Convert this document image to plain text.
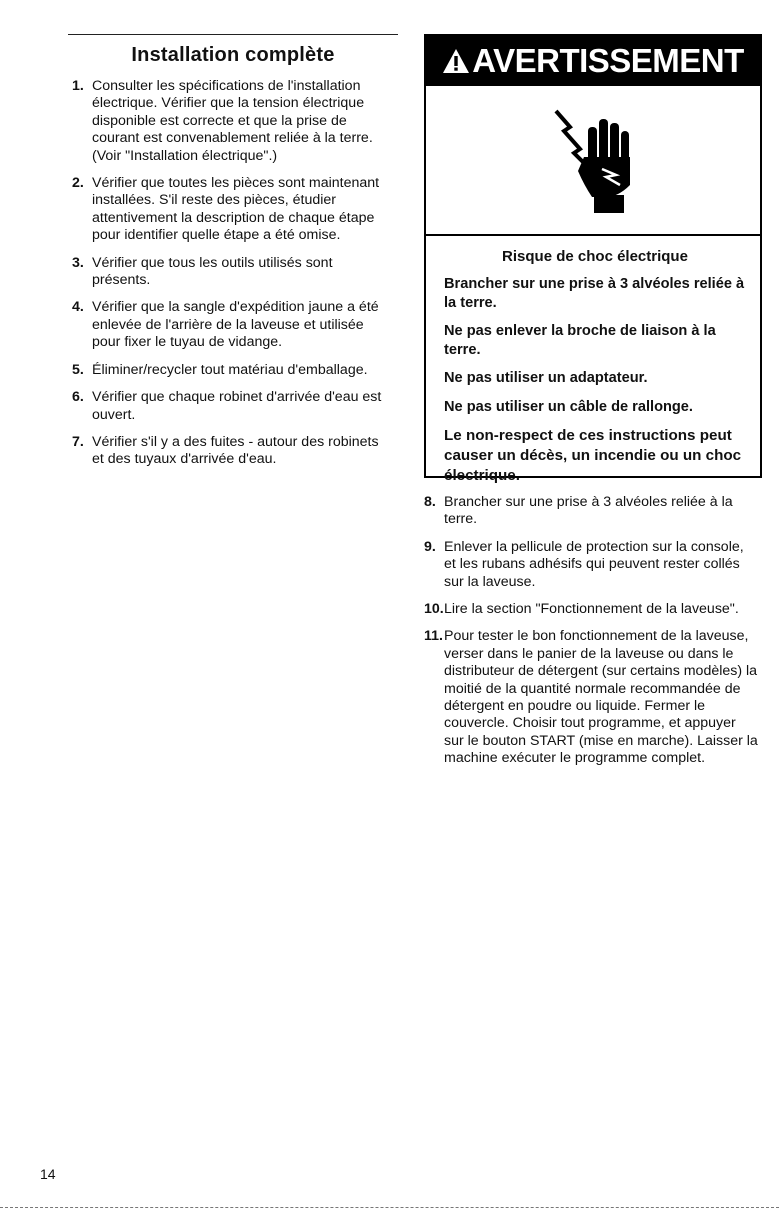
Installation complète
1. Consulter les spécifications de l'installation électrique. Vérifier que la tension électrique disponible est correcte et que la prise de courant est convenablement reliée à la terre. (Voir "Installation électrique".)
2. Vérifier que toutes les pièces sont maintenant installées. S'il reste des pièces, étudier attentivement la description de chaque étape pour identifier quelle étape a été omise.
3. Vérifier que tous les outils utilisés sont présents.
4. Vérifier que la sangle d'expédition jaune a été enlevée de l'arrière de la laveuse et utilisée pour fixer le tuyau de vidange.
5. Éliminer/recycler tout matériau d'emballage.
6. Vérifier que chaque robinet d'arrivée d'eau est ouvert.
7. Vérifier s'il y a des fuites - autour des robinets et des tuyaux d'arrivée d'eau.
AVERTISSEMENT
Risque de choc électrique
Brancher sur une prise à 3 alvéoles reliée à la terre.
Ne pas enlever la broche de liaison à la terre.
Ne pas utiliser un adaptateur.
Ne pas utiliser un câble de rallonge.
Le non-respect de ces instructions peut causer un décès, un incendie ou un choc électrique.
8. Brancher sur une prise à 3 alvéoles reliée à la terre.
9. Enlever la pellicule de protection sur la console, et les rubans adhésifs qui peuvent rester collés sur la laveuse.
10. Lire la section "Fonctionnement de la laveuse".
11. Pour tester le bon fonctionnement de la laveuse, verser dans le panier de la laveuse ou dans le distributeur de détergent (sur certains modèles) la moitié de la quantité normale recommandée de détergent en poudre ou liquide. Fermer le couvercle. Choisir tout programme, et appuyer sur le bouton START (mise en marche). Laisser la machine exécuter le programme complet.
14
